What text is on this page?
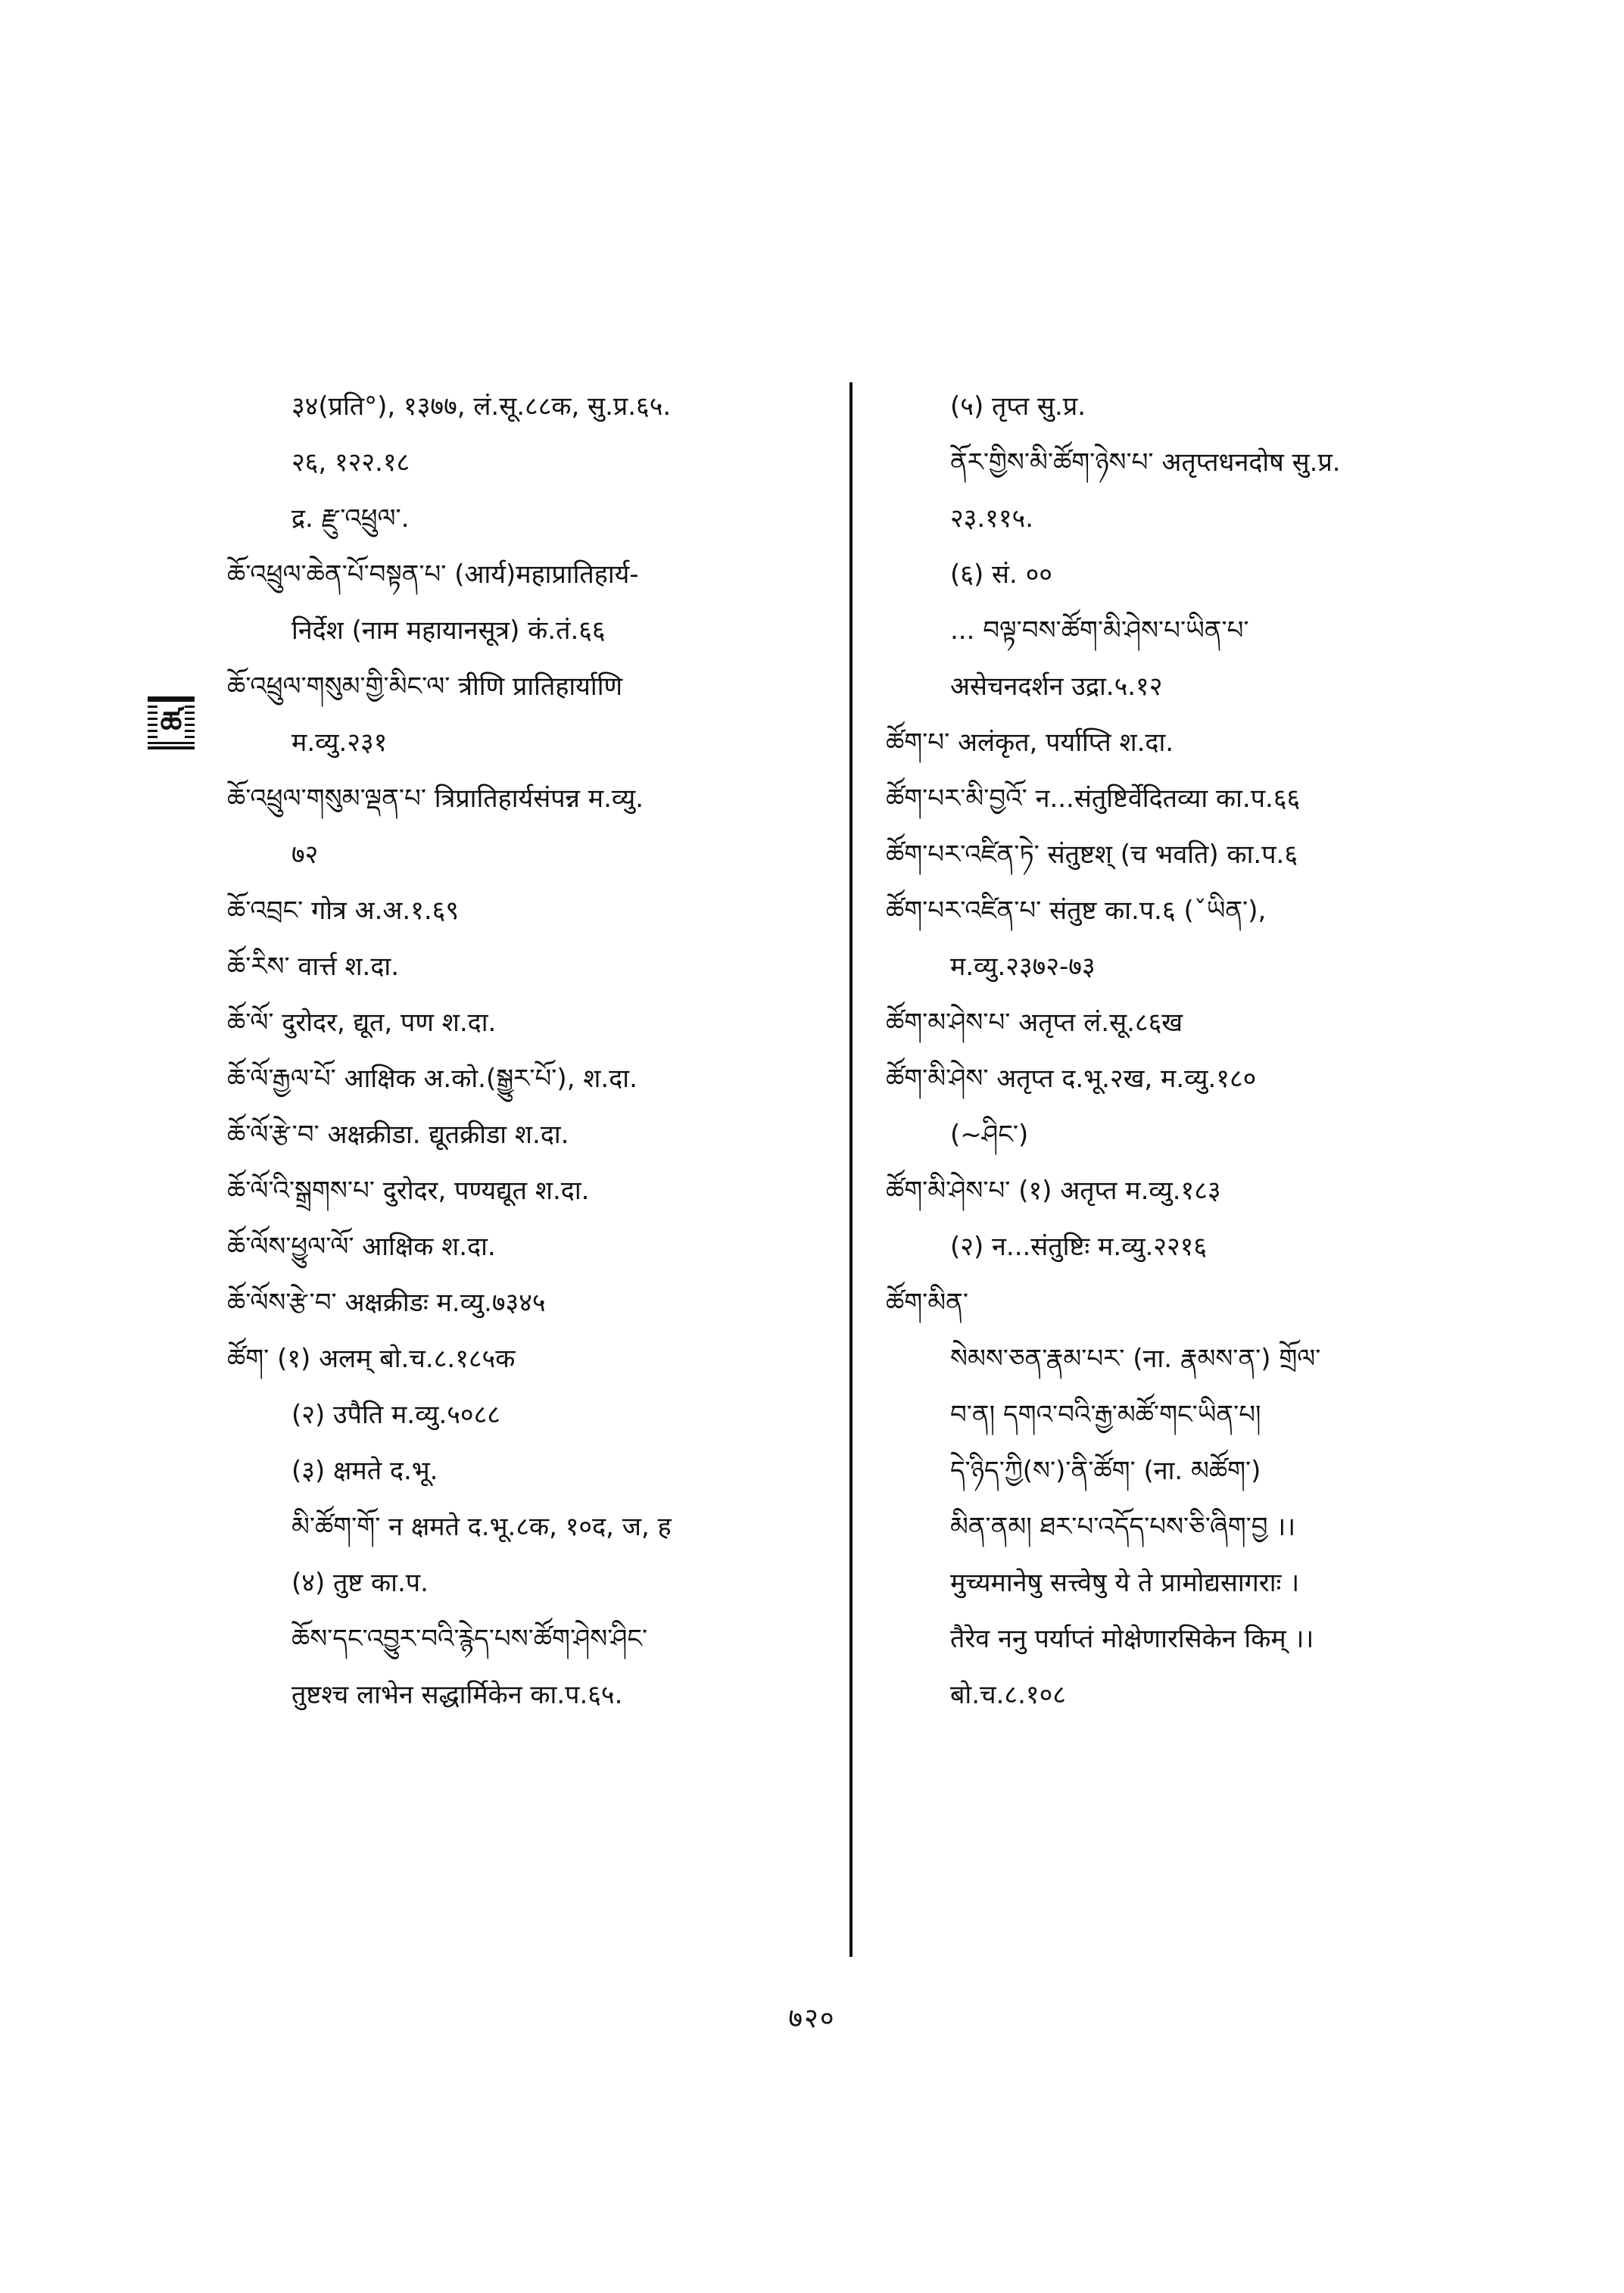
ཚ
३४(प्रति°), १३७७, लं.सू.८८क, सु.प्र.६५.
२६, १२२.१८
द्र. རྫུ་འཕྲུལ་.
ཆོ་འཕྲུལ་ཆེན་པོ་བསྟན་པ་ (आर्य)महाप्रातिहार्य-
निर्देश (नाम महायानसूत्र) कं.तं.६६
ཆོ་འཕྲུལ་གསུམ་གྱི་མིང་ལ་ त्रीणि प्रातिहार्याणि
म.व्यु.२३१
ཆོ་འཕྲུལ་གསུམ་ལྡན་པ་ त्रिप्रातिहार्यसंपन्न म.व्यु.
७२
ཆོ་འབྲང་ गोत्र अ.अ.१.६९
ཆོ་རིས་ वार्त्त श.दा.
ཆོ་ལོ་ दुरोदर, द्यूत, पण श.दा.
ཆོ་ལོ་རྒྱལ་པོ་ आक्षिक अ.को.(སྒྱུར་པོ་), श.दा.
ཆོ་ལོ་རྩེ་བ་ अक्षक्रीडा. द्यूतक्रीडा श.दा.
ཆོ་ལོ་འི་སྒྲགས་པ་ दुरोदर, पण्यद्यूत श.दा.
ཆོ་ལོས་ཕྱུལ་ལོ་ आक्षिक श.दा.
ཆོ་ལོས་རྩེ་བ་ अक्षक्रीडः म.व्यु.७३४५
ཚོག་ (१) अलम् बो.च.८.१८५क
(२) उपैति म.व्यु.५०८८
(३) क्षमते द.भू.
མི་ཚོག་གོ་ न क्षमते द.भू.८क, १०द, ज, ह
(४) तुष्ट का.प.
ཆོས་དང་འབྱུར་བའི་རྙེད་པས་ཚོག་ཤེས་ཤིང་
तुष्टश्च लाभेन सद्धार्मिकेन का.प.६५.
(५) तृप्त सु.प्र.
ནོར་གྱིས་མི་ཚོག་ཉེས་པ་ अतृप्तधनदोष सु.प्र.
२३.११५.
(६) सं. ००
... བལྟ་བས་ཚོག་མི་ཤེས་པ་ཡིན་པ་
असेचनदर्शन उद्रा.५.१२
ཚོག་པ་ अलंकृत, पर्याप्ति श.दा.
ཚོག་པར་མི་བྱའོ་ न...संतुष्टिर्वेदितव्या का.प.६६
ཚོག་པར་འཛིན་ཏེ་ संतुष्टश् (च भवति) का.प.६
ཚོག་པར་འཛིན་པ་ संतुष्ट का.प.६ (ˇཡིན་),
म.व्यु.२३७२-७३
ཚོག་མ་ཤེས་པ་ अतृप्त लं.सू.८६ख
ཚོག་མི་ཤེས་ अतृप्त द.भू.२ख, म.व्यु.१८०
(~ཤིང་)
ཚོག་མི་ཤེས་པ་ (१) अतृप्त म.व्यु.१८३
(२) न...संतुष्टिः म.व्यु.२२१६
ཚོག་མིན་
སེམས་ཅན་རྣམ་པར་ (ना. རྣམས་ན་) གྲོལ་
བ་ན། དགའ་བའི་རྒྱ་མཚོ་གང་ཡིན་པ།
དེ་ཉིད་ཀྱི(ས་)་ནི་ཚོག་ (ना. མཚོག་)
མིན་ནམ། ཐར་པ་འདོད་པས་ཅི་ཞིག་བྱ ।।
मुच्यमानेषु सत्त्वेषु ये ते प्रामोद्यसागराः ।
तैरेव ननु पर्याप्तं मोक्षेणारसिकेन किम् ।।
बो.च.८.१०८
७२०
